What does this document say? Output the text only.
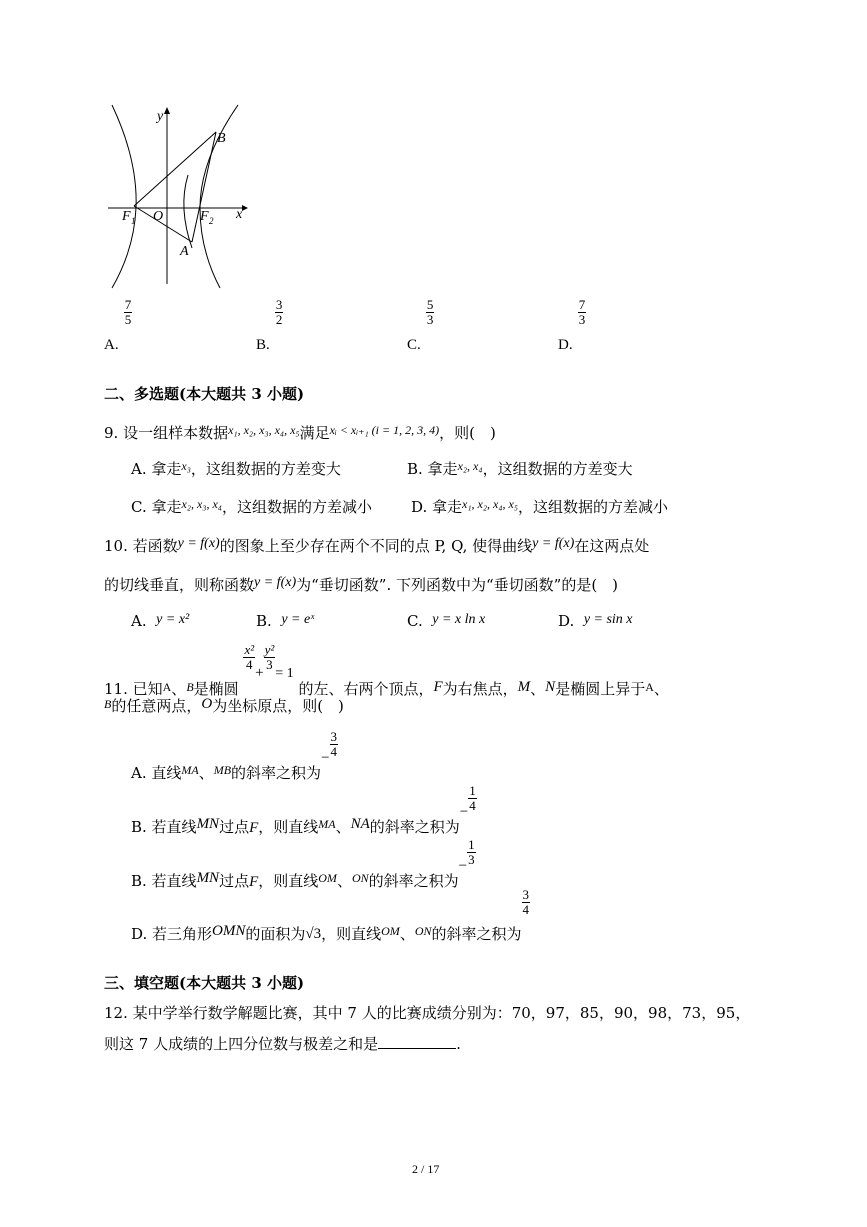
y
x
B
F 1 O	F 2
A
A.
$\frac{7}{5}$
B.
$\frac{3}{2}$
C.
$\frac{5}{3}$
D.
$\frac{7}{3}$
二、多选题(本大题共 3 小题)
9. 设一组样本数据$^{x_1, x_2, x_3, x_4, x_5}$满足$^{xᵢ < xᵢ_{+1} (i = 1, 2, 3, 4)}$，则(　)
A. 拿走$^{x_3}$，这组数据的方差变大	B. 拿走$^{x_2, x_4}$，这组数据的方差变大
C. 拿走$^{x_2, x_3, x_4}$，这组数据的方差减小	D. 拿走$^{x_1, x_2, x_4, x_5}$，这组数据的方差减小
10. 若函数y = f(x)的图象上至少存在两个不同的点 P, Q, 使得曲线y = f(x)在这两点处
的切线垂直，则称函数y = f(x)为“垂切函数”. 下列函数中为“垂切函数”的是(　)
A. y = x²	B. y = eˣ	C. y = x ln x	D. y = sin x
11. 已知$_A$、$_B$是椭圆
$\frac{\text{x²}}{4}$
+
$\frac{\text{y²}}{3}$
= 1 的左、右两个顶点，F为右焦点，M、N是椭圆上异于$_A$、
$^B$的任意两点，O为坐标原点，则(　)
A. 直线$_{MA}$、$_{MB}$的斜率之积为− $\frac{3}{4}$
B. 若直线MN过点F，则直线$_{MA}$、NA的斜率之积为− $\frac{1}{4}$
B. 若直线MN过点F，则直线$_{OM}$、$_{ON}$的斜率之积为− $\frac{1}{3}$
D. 若三角形OMN的面积为√3，则直线$_{OM}$、$_{ON}$的斜率之积为
$\frac{3}{4}$
三、填空题(本大题共 3 小题)
12. 某中学举行数学解题比赛，其中 7 人的比赛成绩分别为：70，97，85，90，98，73，95，
则这 7 人成绩的上四分位数与极差之和是	.
2 / 17
